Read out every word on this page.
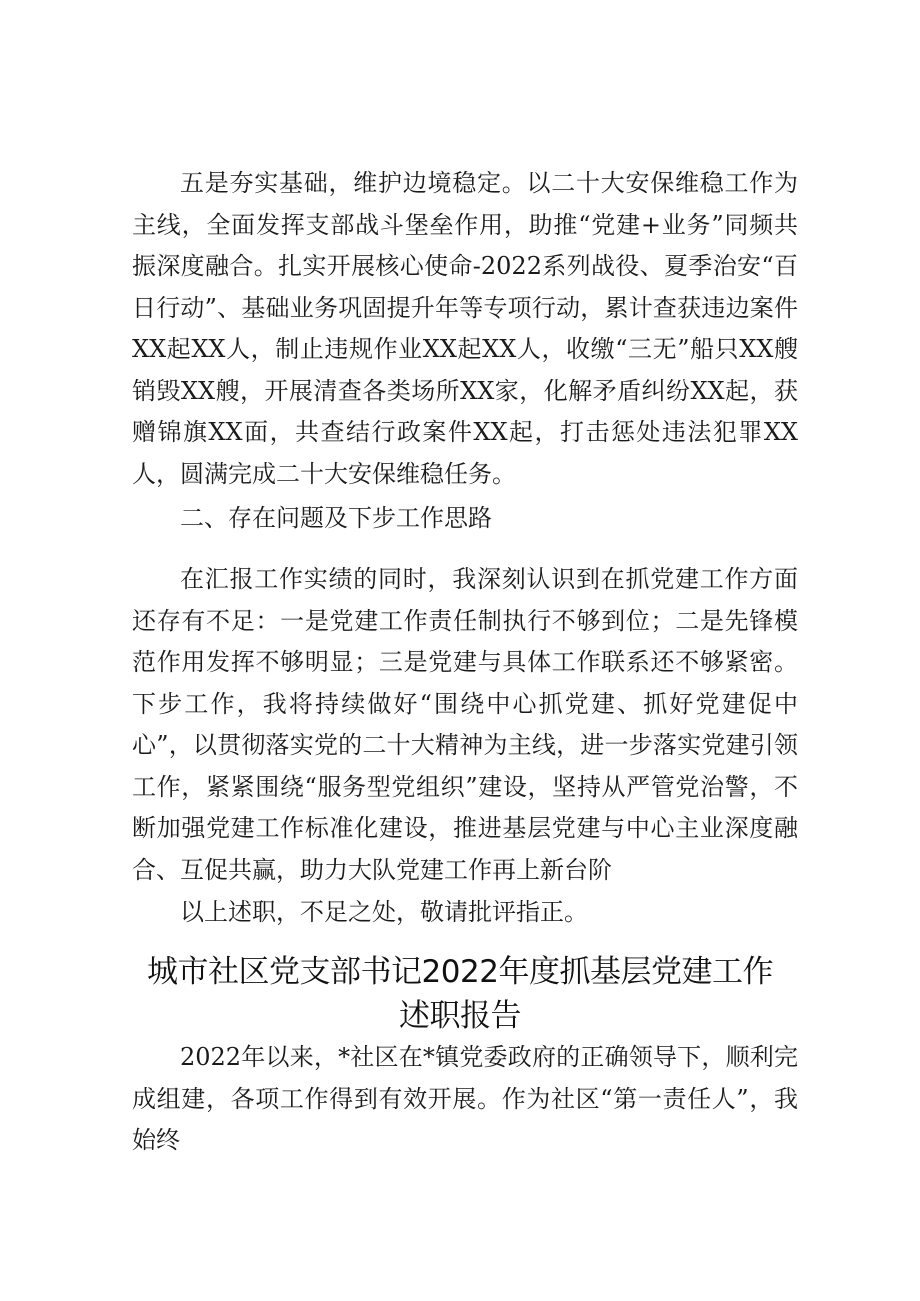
五是夯实基础，维护边境稳定。以二十大安保维稳工作为主线，全面发挥支部战斗堡垒作用，助推“党建+业务”同频共振深度融合。扎实开展核心使命-2022系列战役、夏季治安“百日行动”、基础业务巩固提升年等专项行动，累计查获违边案件XX起XX人，制止违规作业XX起XX人，收缴“三无”船只XX艘销毁XX艘，开展清查各类场所XX家，化解矛盾纠纷XX起，获赠锦旗XX面，共查结行政案件XX起，打击惩处违法犯罪XX人，圆满完成二十大安保维稳任务。

二、存在问题及下步工作思路

在汇报工作实绩的同时，我深刻认识到在抓党建工作方面还存有不足：一是党建工作责任制执行不够到位；二是先锋模范作用发挥不够明显；三是党建与具体工作联系还不够紧密。下步工作，我将持续做好“围绕中心抓党建、抓好党建促中心”，以贯彻落实党的二十大精神为主线，进一步落实党建引领工作，紧紧围绕“服务型党组织”建设，坚持从严管党治警，不断加强党建工作标准化建设，推进基层党建与中心主业深度融合、互促共赢，助力大队党建工作再上新台阶

以上述职，不足之处，敬请批评指正。

城市社区党支部书记2022年度抓基层党建工作
述职报告

2022年以来，*社区在*镇党委政府的正确领导下，顺利完成组建，各项工作得到有效开展。作为社区“第一责任人”，我始终
